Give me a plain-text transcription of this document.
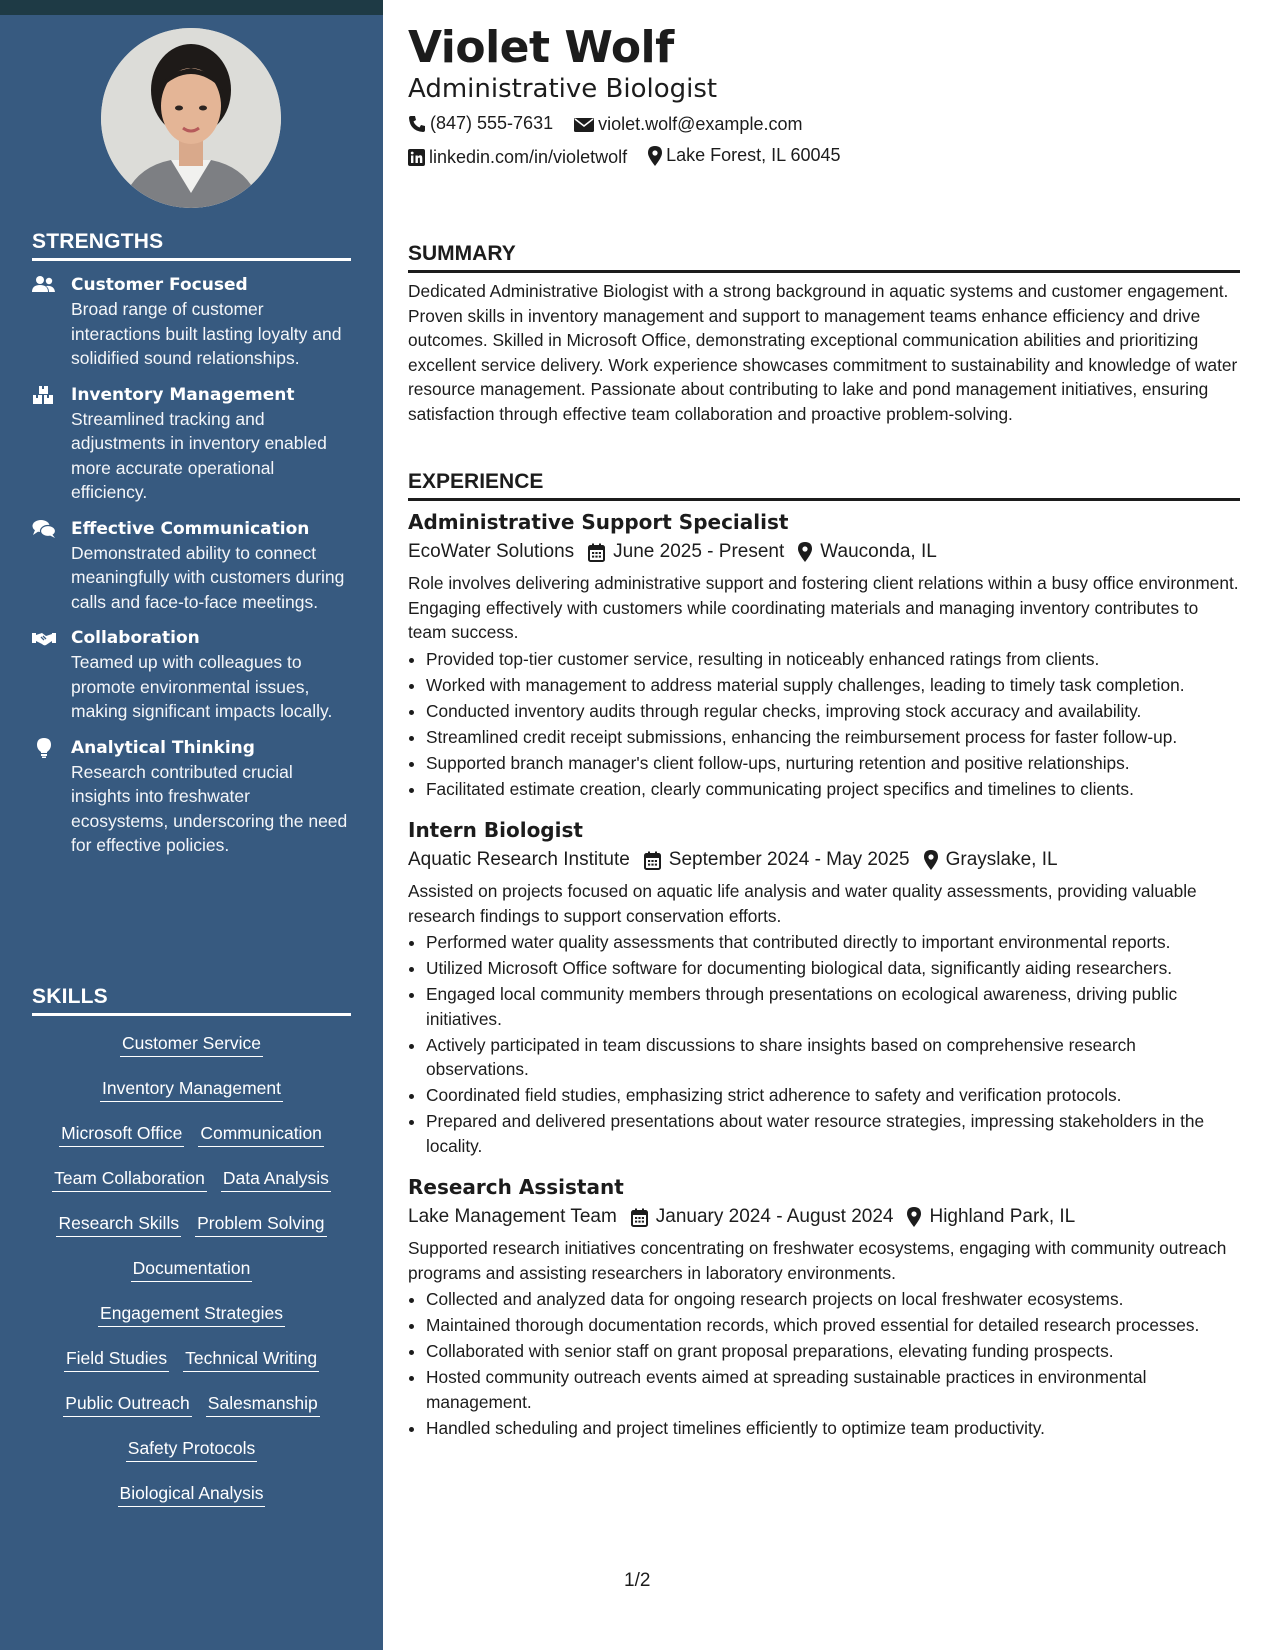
STRENGTHS
Customer Focused
Broad range of customer interactions built lasting loyalty and solidified sound relationships.
Inventory Management
Streamlined tracking and adjustments in inventory enabled more accurate operational efficiency.
Effective Communication
Demonstrated ability to connect meaningfully with customers during calls and face-to-face meetings.
Collaboration
Teamed up with colleagues to promote environmental issues, making significant impacts locally.
Analytical Thinking
Research contributed crucial insights into freshwater ecosystems, underscoring the need for effective policies.
SKILLS
Customer Service
Inventory Management
Microsoft Office Communication
Team Collaboration Data Analysis
Research Skills Problem Solving
Documentation
Engagement Strategies
Field Studies Technical Writing
Public Outreach Salesmanship
Safety Protocols
Biological Analysis
Violet Wolf
Administrative Biologist
(847) 555-7631
	violet.wolf@example.com
linkedin.com/in/violetwolf
Lake Forest, IL 60045
SUMMARY

Dedicated Administrative Biologist with a strong background in aquatic systems and customer engagement. Proven skills in inventory management and support to management teams enhance efficiency and drive outcomes. Skilled in Microsoft Office, demonstrating exceptional communication abilities and prioritizing excellent service delivery. Work experience showcases commitment to sustainability and knowledge of water resource management. Passionate about contributing to lake and pond management initiatives, ensuring satisfaction through effective team collaboration and proactive problem-solving.

EXPERIENCE
Administrative Support Specialist
EcoWater Solutions June 2025 - Present Wauconda, IL

Role involves delivering administrative support and fostering client relations within a busy office environment. Engaging effectively with customers while coordinating materials and managing inventory contributes to team success.

• Provided top-tier customer service, resulting in noticeably enhanced ratings from clients.
• Worked with management to address material supply challenges, leading to timely task completion.
• Conducted inventory audits through regular checks, improving stock accuracy and availability.
• Streamlined credit receipt submissions, enhancing the reimbursement process for faster follow-up.
• Supported branch manager's client follow-ups, nurturing retention and positive relationships.
• Facilitated estimate creation, clearly communicating project specifics and timelines to clients.
Intern Biologist
Aquatic Research Institute September 2024 - May 2025 Grayslake, IL

Assisted on projects focused on aquatic life analysis and water quality assessments, providing valuable research findings to support conservation efforts.

• Performed water quality assessments that contributed directly to important environmental reports.
• Utilized Microsoft Office software for documenting biological data, significantly aiding researchers.
• Engaged local community members through presentations on ecological awareness, driving public initiatives.
• Actively participated in team discussions to share insights based on comprehensive research observations.
• Coordinated field studies, emphasizing strict adherence to safety and verification protocols.
• Prepared and delivered presentations about water resource strategies, impressing stakeholders in the locality.
Research Assistant
Lake Management Team January 2024 - August 2024 Highland Park, IL

Supported research initiatives concentrating on freshwater ecosystems, engaging with community outreach programs and assisting researchers in laboratory environments.

• Collected and analyzed data for ongoing research projects on local freshwater ecosystems.
• Maintained thorough documentation records, which proved essential for detailed research processes.
• Collaborated with senior staff on grant proposal preparations, elevating funding prospects.
• Hosted community outreach events aimed at spreading sustainable practices in environmental management.
• Handled scheduling and project timelines efficiently to optimize team productivity.
1/2
